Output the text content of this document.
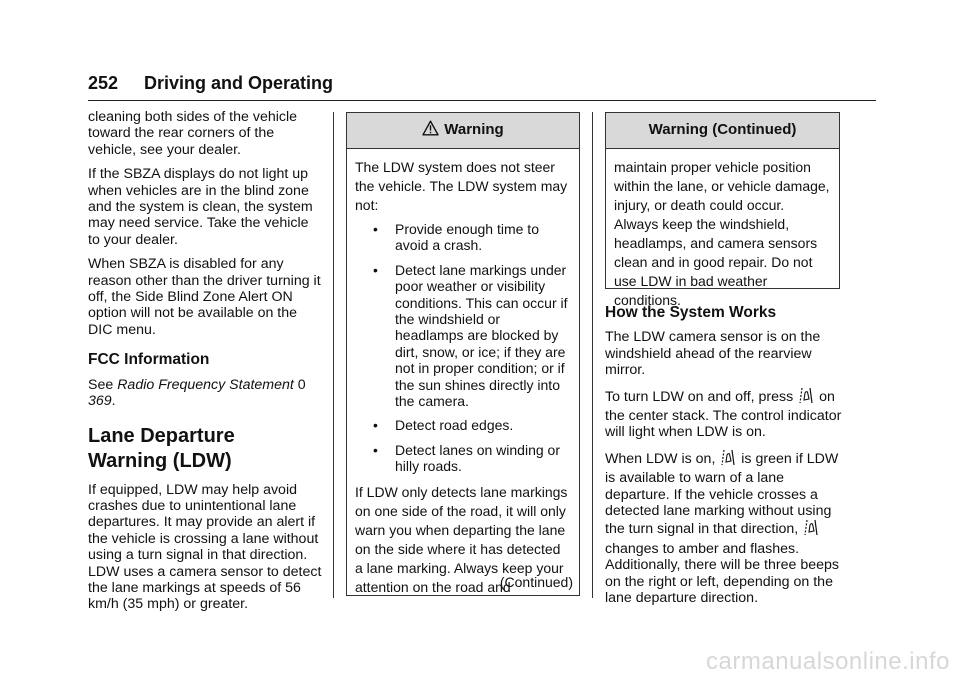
252 Driving and Operating

cleaning both sides of the vehicle toward the rear corners of the vehicle, see your dealer.

If the SBZA displays do not light up when vehicles are in the blind zone and the system is clean, the system may need service. Take the vehicle to your dealer.

When SBZA is disabled for any reason other than the driver turning it off, the Side Blind Zone Alert ON option will not be available on the DIC menu.

FCC Information

See Radio Frequency Statement 0 369.

Lane Departure
Warning (LDW)

If equipped, LDW may help avoid crashes due to unintentional lane departures. It may provide an alert if the vehicle is crossing a lane without using a turn signal in that direction. LDW uses a camera sensor to detect the lane markings at speeds of 56 km/h (35 mph) or greater.

Warning

The LDW system does not steer the vehicle. The LDW system may not:

• Provide enough time to avoid a crash.
• Detect lane markings under poor weather or visibility conditions. This can occur if the windshield or headlamps are blocked by dirt, snow, or ice; if they are not in proper condition; or if the sun shines directly into the camera.
• Detect road edges.
• Detect lanes on winding or hilly roads.

If LDW only detects lane markings on one side of the road, it will only warn you when departing the lane on the side where it has detected a lane marking. Always keep your attention on the road and

(Continued)
Warning (Continued)

maintain proper vehicle position within the lane, or vehicle damage, injury, or death could occur. Always keep the windshield, headlamps, and camera sensors clean and in good repair. Do not use LDW in bad weather conditions.

How the System Works

The LDW camera sensor is on the windshield ahead of the rearview mirror.

To turn LDW on and off, press  on the center stack. The control indicator will light when LDW is on.

When LDW is on,  is green if LDW is available to warn of a lane departure. If the vehicle crosses a detected lane marking without using the turn signal in that direction,  changes to amber and flashes. Additionally, there will be three beeps on the right or left, depending on the lane departure direction.

carmanualsonline.info
